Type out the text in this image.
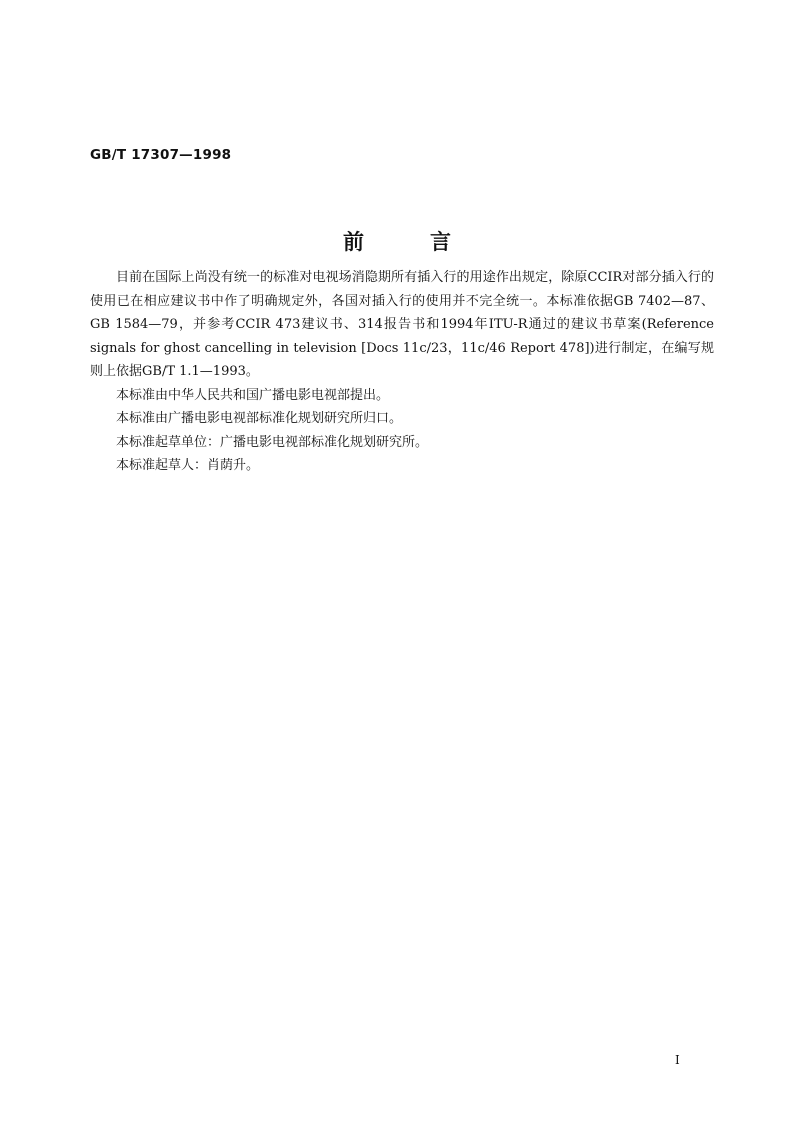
GB/T 17307—1998
前	言

目前在国际上尚没有统一的标准对电视场消隐期所有插入行的用途作出规定，除原CCIR对部分插入行的使用已在相应建议书中作了明确规定外，各国对插入行的使用并不完全统一。本标准依据GB 7402—87、GB 1584—79，并参考CCIR 473建议书、314报告书和1994年ITU-R通过的建议书草案(Reference signals for ghost cancelling in television [Docs 11c/23，11c/46 Report 478])进行制定，在编写规则上依据GB/T 1.1—1993。

本标准由中华人民共和国广播电影电视部提出。

本标准由广播电影电视部标准化规划研究所归口。

本标准起草单位：广播电影电视部标准化规划研究所。

本标准起草人：肖荫升。

I
